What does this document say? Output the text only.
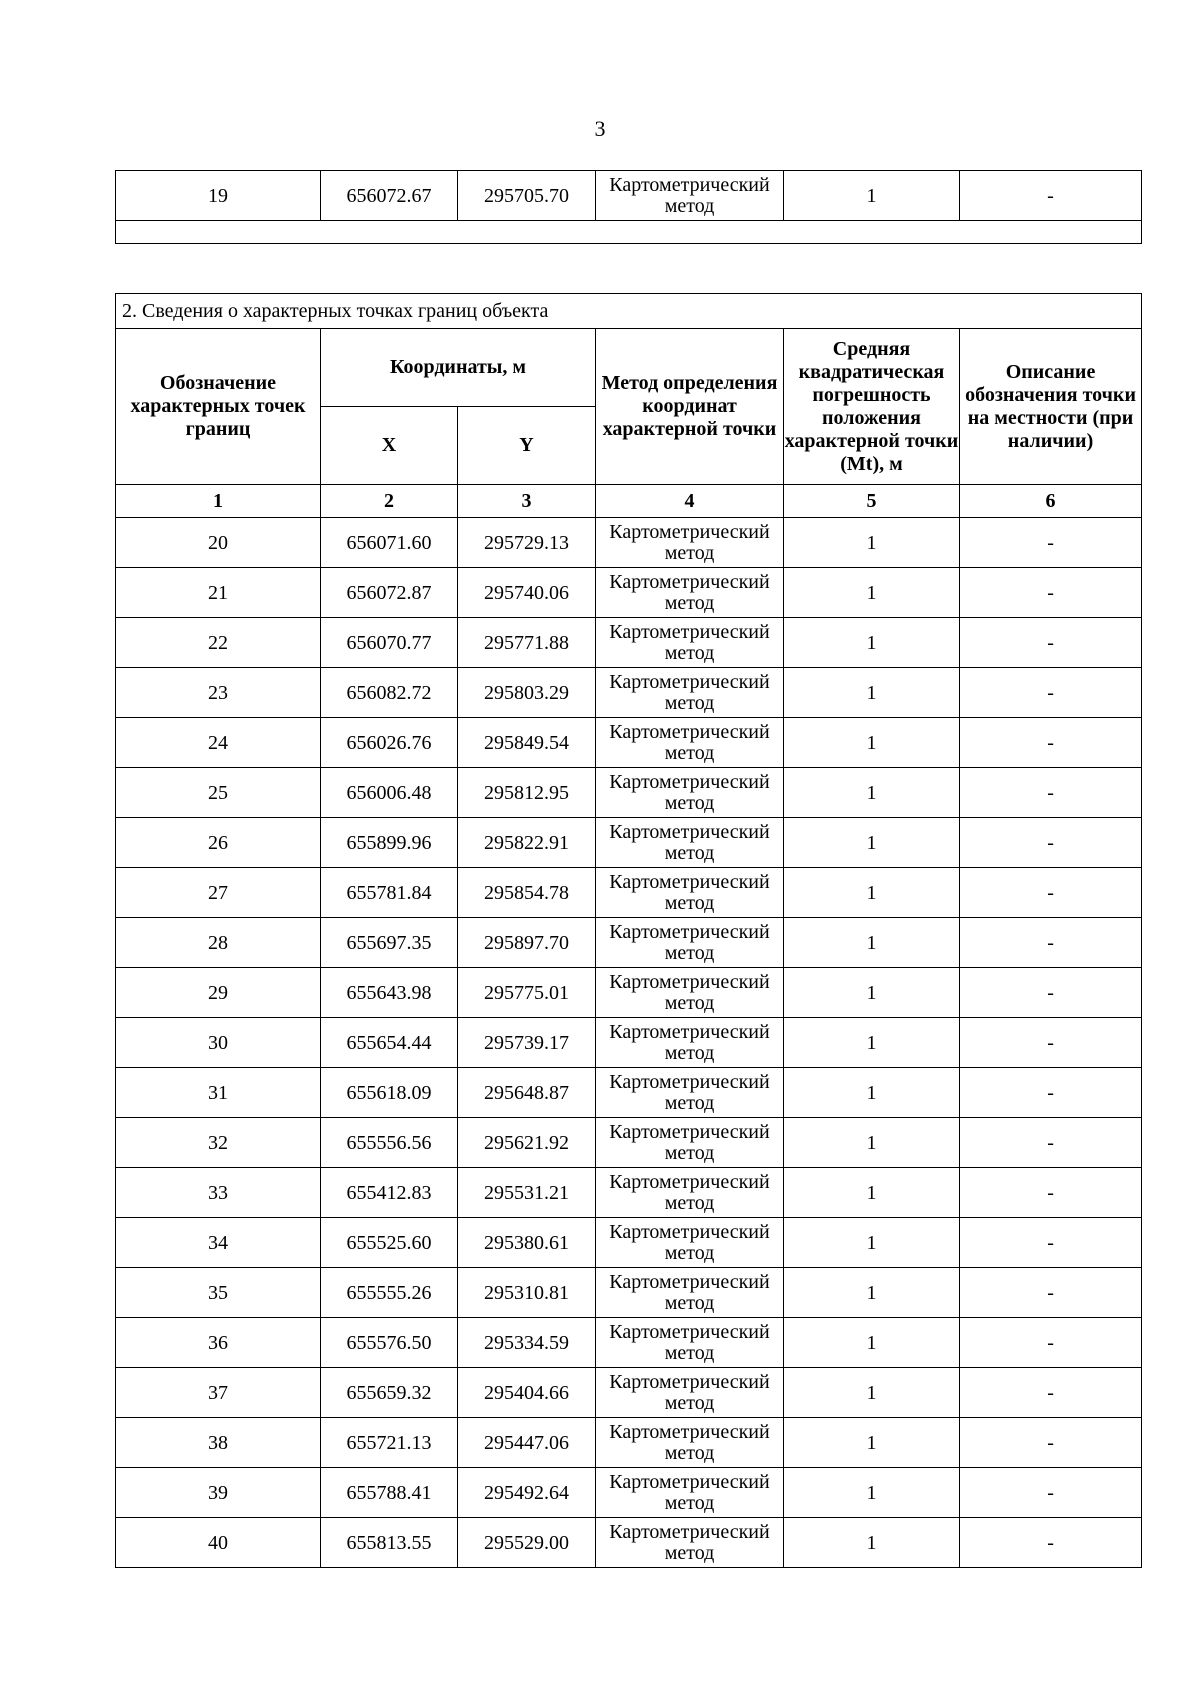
3
19	656072.67	295705.70	Картометрический метод	1	-

2. Сведения о характерных точках границ объекта					
Обозначение характерных точек границ	Координаты, м		Метод определения координат характерной точки	Средняя квадратическая погрешность положения характерной точки (Mt), м	Описание обозначения точки на местности (при наличии)
	X	Y			
1	2	3	4	5	6
20	656071.60	295729.13	Картометрический метод	1	-
21	656072.87	295740.06	Картометрический метод	1	-
22	656070.77	295771.88	Картометрический метод	1	-
23	656082.72	295803.29	Картометрический метод	1	-
24	656026.76	295849.54	Картометрический метод	1	-
25	656006.48	295812.95	Картометрический метод	1	-
26	655899.96	295822.91	Картометрический метод	1	-
27	655781.84	295854.78	Картометрический метод	1	-
28	655697.35	295897.70	Картометрический метод	1	-
29	655643.98	295775.01	Картометрический метод	1	-
30	655654.44	295739.17	Картометрический метод	1	-
31	655618.09	295648.87	Картометрический метод	1	-
32	655556.56	295621.92	Картометрический метод	1	-
33	655412.83	295531.21	Картометрический метод	1	-
34	655525.60	295380.61	Картометрический метод	1	-
35	655555.26	295310.81	Картометрический метод	1	-
36	655576.50	295334.59	Картометрический метод	1	-
37	655659.32	295404.66	Картометрический метод	1	-
38	655721.13	295447.06	Картометрический метод	1	-
39	655788.41	295492.64	Картометрический метод	1	-
40	655813.55	295529.00	Картометрический метод	1	-
